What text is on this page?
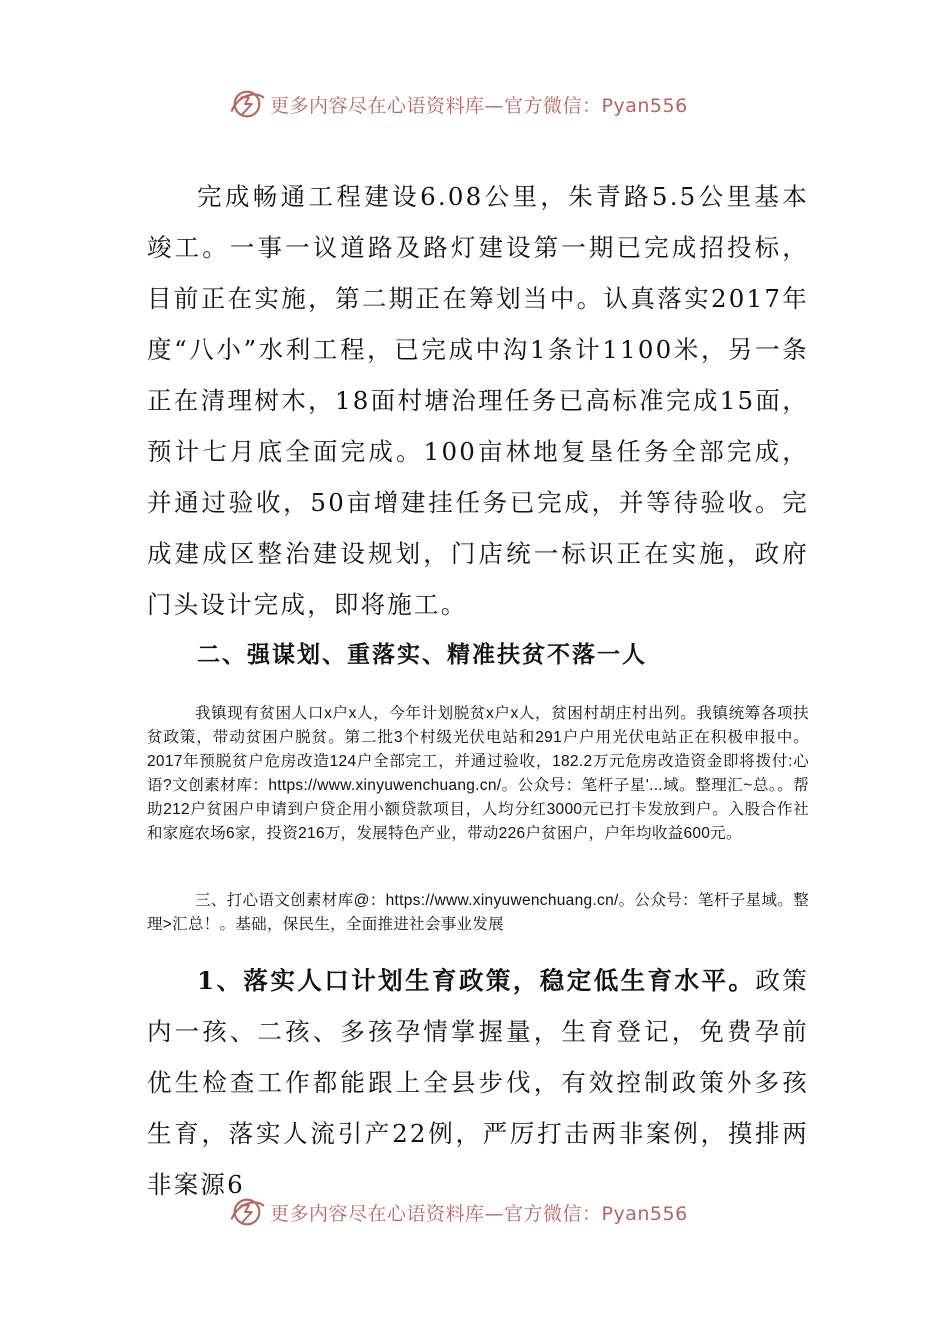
更多内容尽在心语资料库—官方微信：Pyan556

完成畅通工程建设6.08公里，朱青路5.5公里基本竣工。一事一议道路及路灯建设第一期已完成招投标，目前正在实施，第二期正在筹划当中。认真落实2017年度“八小”水利工程，已完成中沟1条计1100米，另一条正在清理树木，18面村塘治理任务已高标准完成15面，预计七月底全面完成。100亩林地复垦任务全部完成，并通过验收，50亩增建挂任务已完成，并等待验收。完成建成区整治建设规划，门店统一标识正在实施，政府门头设计完成，即将施工。

二、强谋划、重落实、精准扶贫不落一人

我镇现有贫困人口x户x人，今年计划脱贫x户x人，贫困村胡庄村出列。我镇统筹各项扶贫政策，带动贫困户脱贫。第二批3个村级光伏电站和291户户用光伏电站正在积极申报中。2017年预脱贫户危房改造124户全部完工，并通过验收，182.2万元危房改造资金即将拨付:心语?文创素材库：https://www.xinyuwenchuang.cn/。公众号：笔杆子星'...域。整理汇~总。。帮助212户贫困户申请到户贷企用小额贷款项目，人均分红3000元已打卡发放到户。入股合作社和家庭农场6家，投资216万，发展特色产业，带动226户贫困户，户年均收益600元。

三、打心语文创素材库@：https://www.xinyuwenchuang.cn/。公众号：笔杆子星域。整理>汇总！。基础，保民生，全面推进社会事业发展

1、落实人口计划生育政策，稳定低生育水平。政策内一孩、二孩、多孩孕情掌握量，生育登记，免费孕前优生检查工作都能跟上全县步伐，有效控制政策外多孩生育，落实人流引产22例，严厉打击两非案例，摸排两非案源6

更多内容尽在心语资料库—官方微信：Pyan556
